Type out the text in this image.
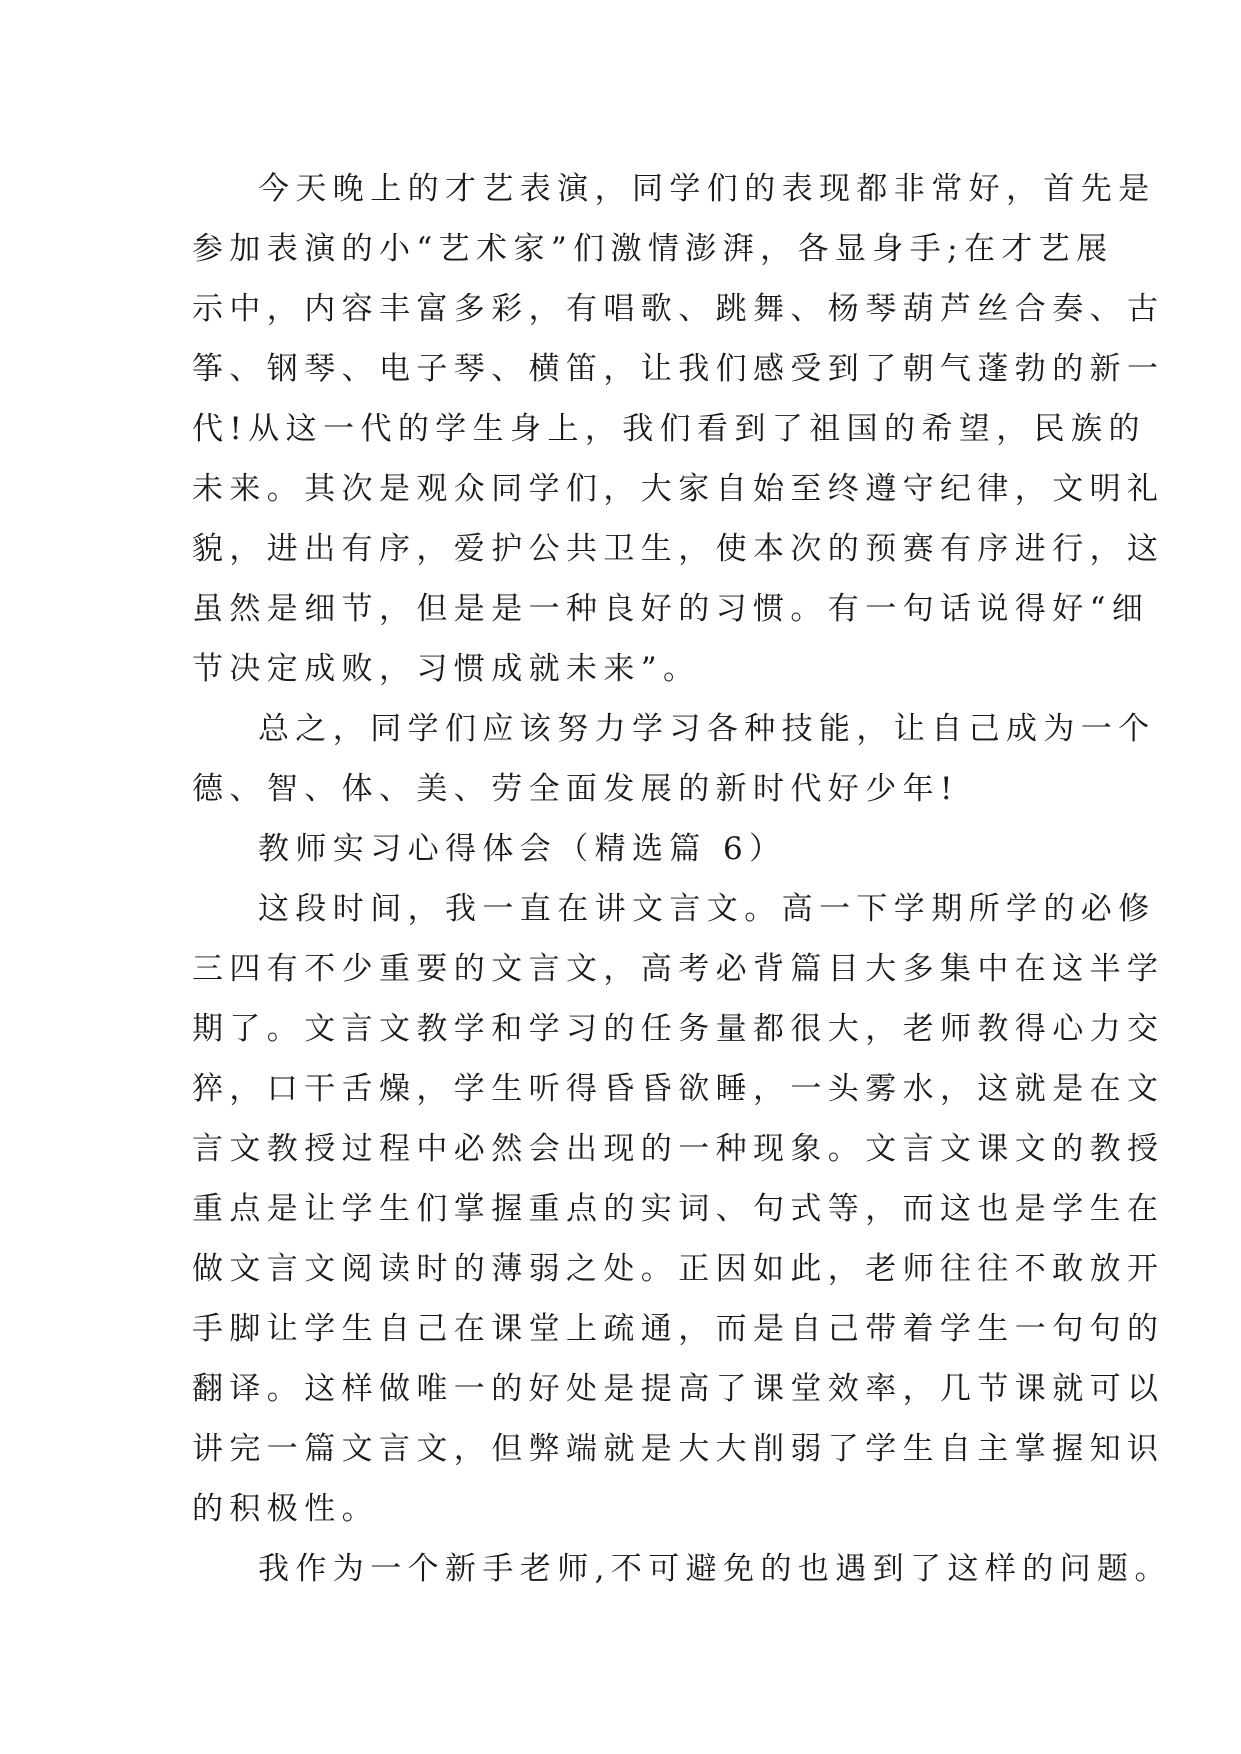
今天晚上的才艺表演，同学们的表现都非常好，首先是
参加表演的小“艺术家”们激情澎湃，各显身手;在才艺展
示中，内容丰富多彩，有唱歌、跳舞、杨琴葫芦丝合奏、古
筝、钢琴、电子琴、横笛，让我们感受到了朝气蓬勃的新一
代!从这一代的学生身上，我们看到了祖国的希望，民族的
未来。其次是观众同学们，大家自始至终遵守纪律，文明礼
貌，进出有序，爱护公共卫生，使本次的预赛有序进行，这
虽然是细节，但是是一种良好的习惯。有一句话说得好“细
节决定成败，习惯成就未来”。
总之，同学们应该努力学习各种技能，让自己成为一个
德、智、体、美、劳全面发展的新时代好少年!
教师实习心得体会（精选篇 6）
这段时间，我一直在讲文言文。高一下学期所学的必修
三四有不少重要的文言文，高考必背篇目大多集中在这半学
期了。文言文教学和学习的任务量都很大，老师教得心力交
猝，口干舌燥，学生听得昏昏欲睡，一头雾水，这就是在文
言文教授过程中必然会出现的一种现象。文言文课文的教授
重点是让学生们掌握重点的实词、句式等，而这也是学生在
做文言文阅读时的薄弱之处。正因如此，老师往往不敢放开
手脚让学生自己在课堂上疏通，而是自己带着学生一句句的
翻译。这样做唯一的好处是提高了课堂效率，几节课就可以
讲完一篇文言文，但弊端就是大大削弱了学生自主掌握知识
的积极性。
我作为一个新手老师,不可避免的也遇到了这样的问题。
